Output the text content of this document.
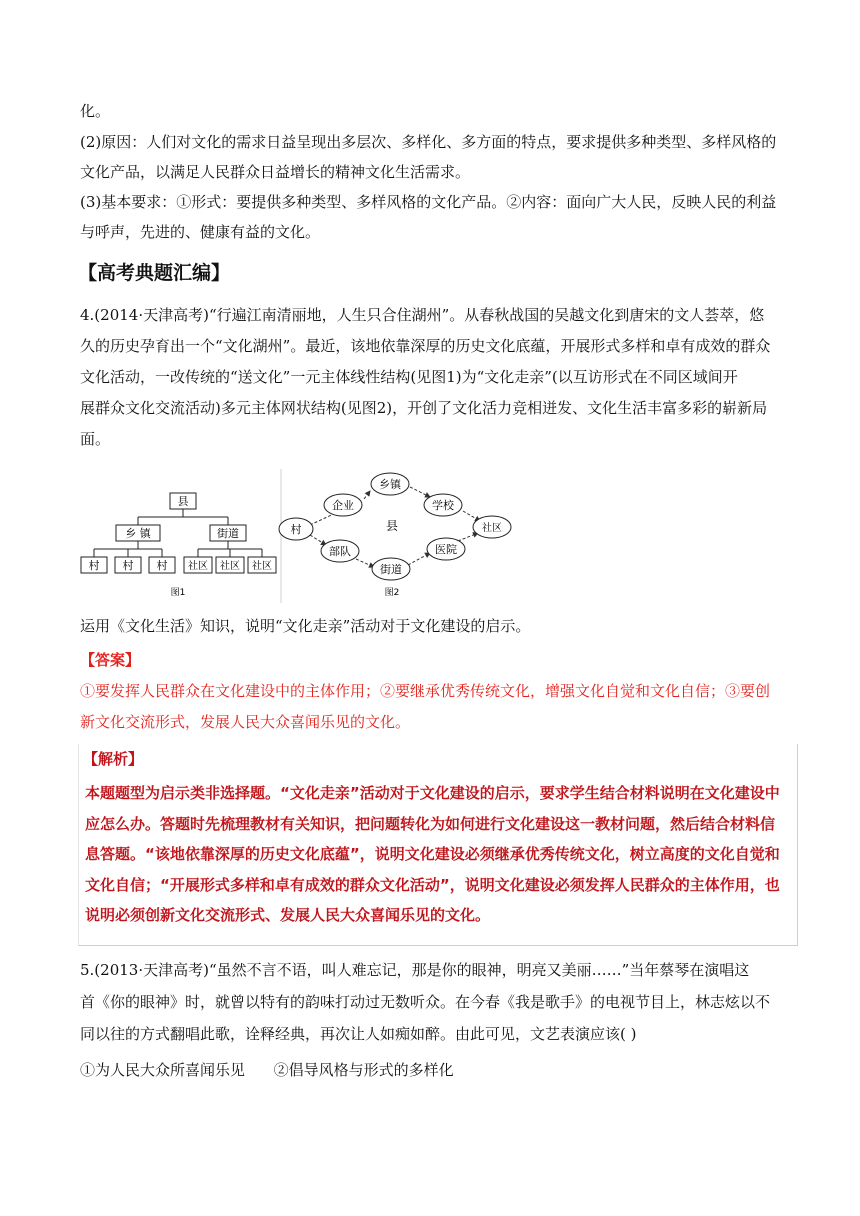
化。

(2)原因：人们对文化的需求日益呈现出多层次、多样化、多方面的特点，要求提供多种类型、多样风格的

文化产品，以满足人民群众日益增长的精神文化生活需求。

(3)基本要求：①形式：要提供多种类型、多样风格的文化产品。②内容：面向广大人民，反映人民的利益

与呼声，先进的、健康有益的文化。

【高考典题汇编】

4.(2014·天津高考)“行遍江南清丽地，人生只合住湖州”。从春秋战国的吴越文化到唐宋的文人荟萃，悠

久的历史孕育出一个“文化湖州”。最近，该地依靠深厚的历史文化底蕴，开展形式多样和卓有成效的群众

文化活动，一改传统的“送文化”一元主体线性结构(见图1)为“文化走亲”(以互访形式在不同区域间开

展群众文化交流活动)多元主体网状结构(见图2)，开创了文化活力竞相迸发、文化生活丰富多彩的崭新局

面。

县
乡 镇	街道
村 村 村 社区 社区 社区
图1
乡镇
企业	学校
村	社区
部队	医院
街道
县
图2

运用《文化生活》知识，说明“文化走亲”活动对于文化建设的启示。

【答案】

①要发挥人民群众在文化建设中的主体作用；②要继承优秀传统文化，增强文化自觉和文化自信；③要创

新文化交流形式，发展人民大众喜闻乐见的文化。

【解析】
本题题型为启示类非选择题。“文化走亲”活动对于文化建设的启示，要求学生结合材料说明在文化建设中
应怎么办。答题时先梳理教材有关知识，把问题转化为如何进行文化建设这一教材问题，然后结合材料信
息答题。“该地依靠深厚的历史文化底蕴”，说明文化建设必须继承优秀传统文化，树立高度的文化自觉和
文化自信；“开展形式多样和卓有成效的群众文化活动”，说明文化建设必须发挥人民群众的主体作用，也
说明必须创新文化交流形式、发展人民大众喜闻乐见的文化。

5.(2013·天津高考)“虽然不言不语，叫人难忘记，那是你的眼神，明亮又美丽……”当年蔡琴在演唱这

首《你的眼神》时，就曾以特有的韵味打动过无数听众。在今春《我是歌手》的电视节目上，林志炫以不

同以往的方式翻唱此歌，诠释经典，再次让人如痴如醉。由此可见，文艺表演应该( )

①为人民大众所喜闻乐见      ②倡导风格与形式的多样化
